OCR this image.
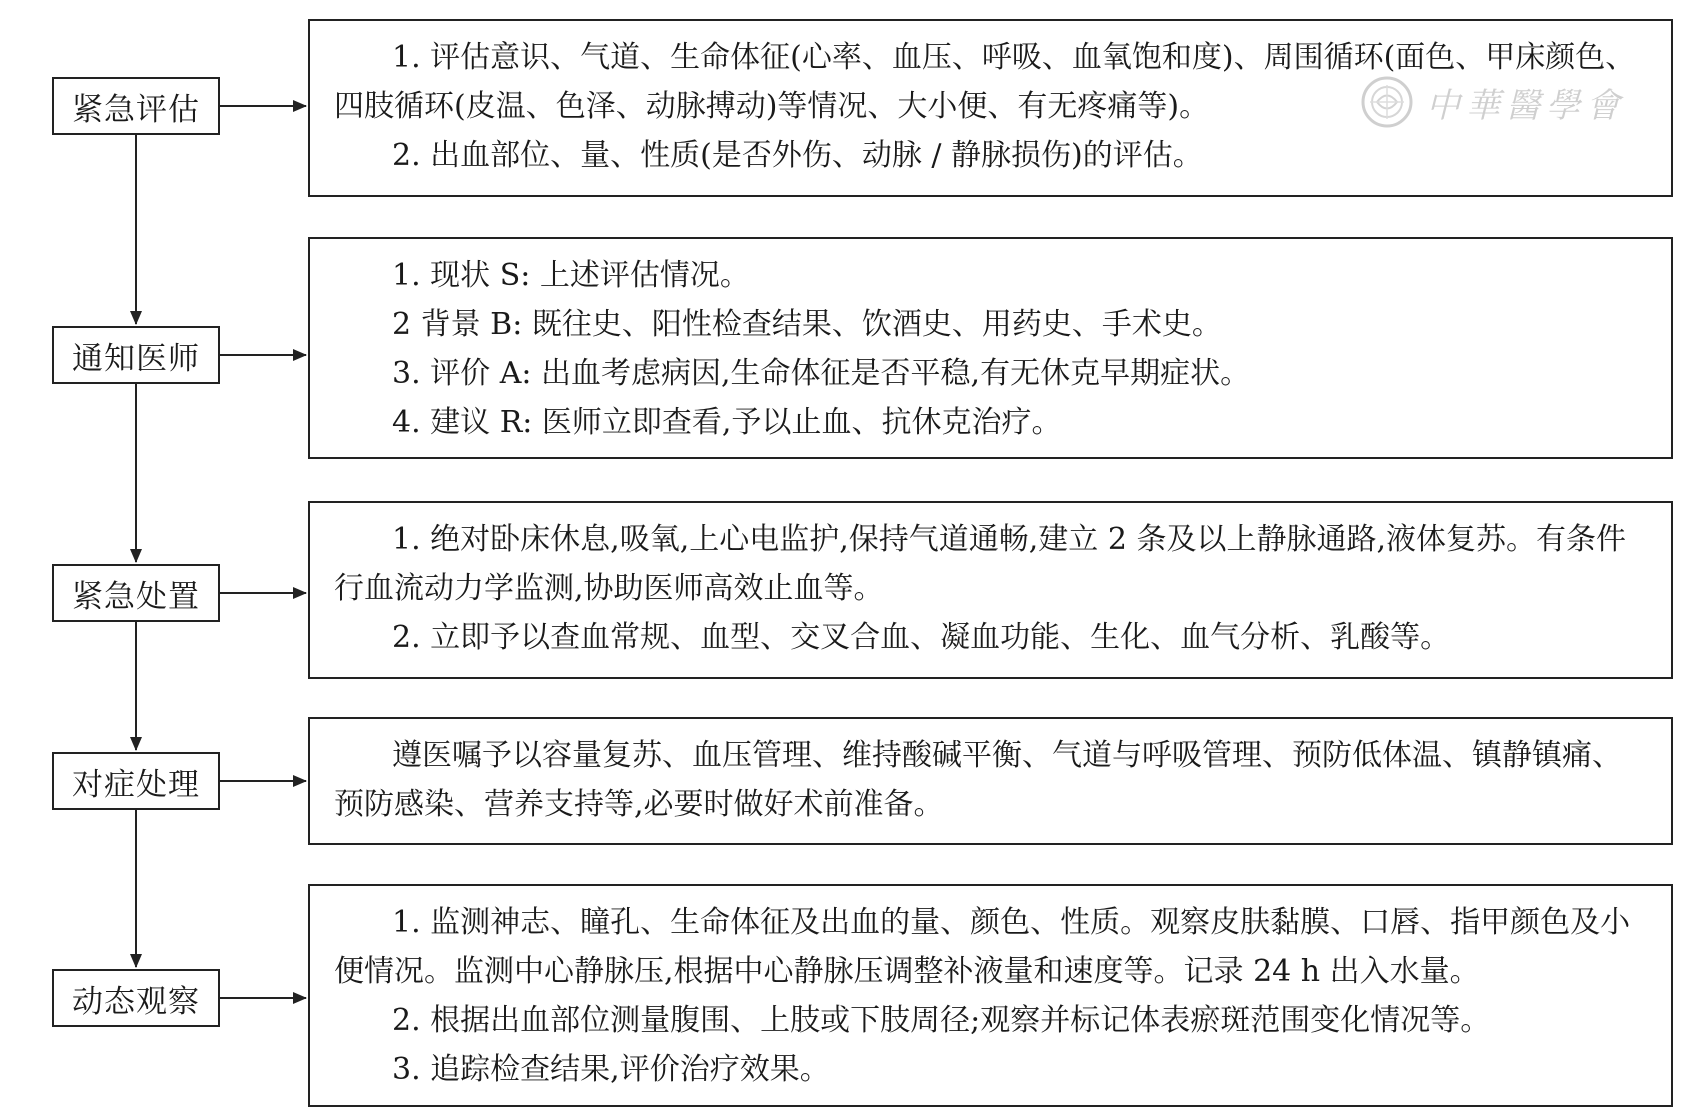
紧急评估

1. 评估意识、气道、生命体征(心率、血压、呼吸、血氧饱和度)、周围循环(面色、甲床颜色、四肢循环(皮温、色泽、动脉搏动)等情况、大小便、有无疼痛等)。

2. 出血部位、量、性质(是否外伤、动脉 / 静脉损伤)的评估。

通知医师

1. 现状 S: 上述评估情况。

2 背景 B: 既往史、阳性检查结果、饮酒史、用药史、手术史。

3. 评价 A: 出血考虑病因,生命体征是否平稳,有无休克早期症状。

4. 建议 R: 医师立即查看,予以止血、抗休克治疗。

紧急处置

1. 绝对卧床休息,吸氧,上心电监护,保持气道通畅,建立 2 条及以上静脉通路,液体复苏。有条件行血流动力学监测,协助医师高效止血等。

2. 立即予以查血常规、血型、交叉合血、凝血功能、生化、血气分析、乳酸等。

对症处理

遵医嘱予以容量复苏、血压管理、维持酸碱平衡、气道与呼吸管理、预防低体温、镇静镇痛、预防感染、营养支持等,必要时做好术前准备。

动态观察

1. 监测神志、瞳孔、生命体征及出血的量、颜色、性质。观察皮肤黏膜、口唇、指甲颜色及小便情况。监测中心静脉压,根据中心静脉压调整补液量和速度等。记录 24 h 出入水量。

2. 根据出血部位测量腹围、上肢或下肢周径;观察并标记体表瘀斑范围变化情况等。

3. 追踪检查结果,评价治疗效果。

中華醫學會
